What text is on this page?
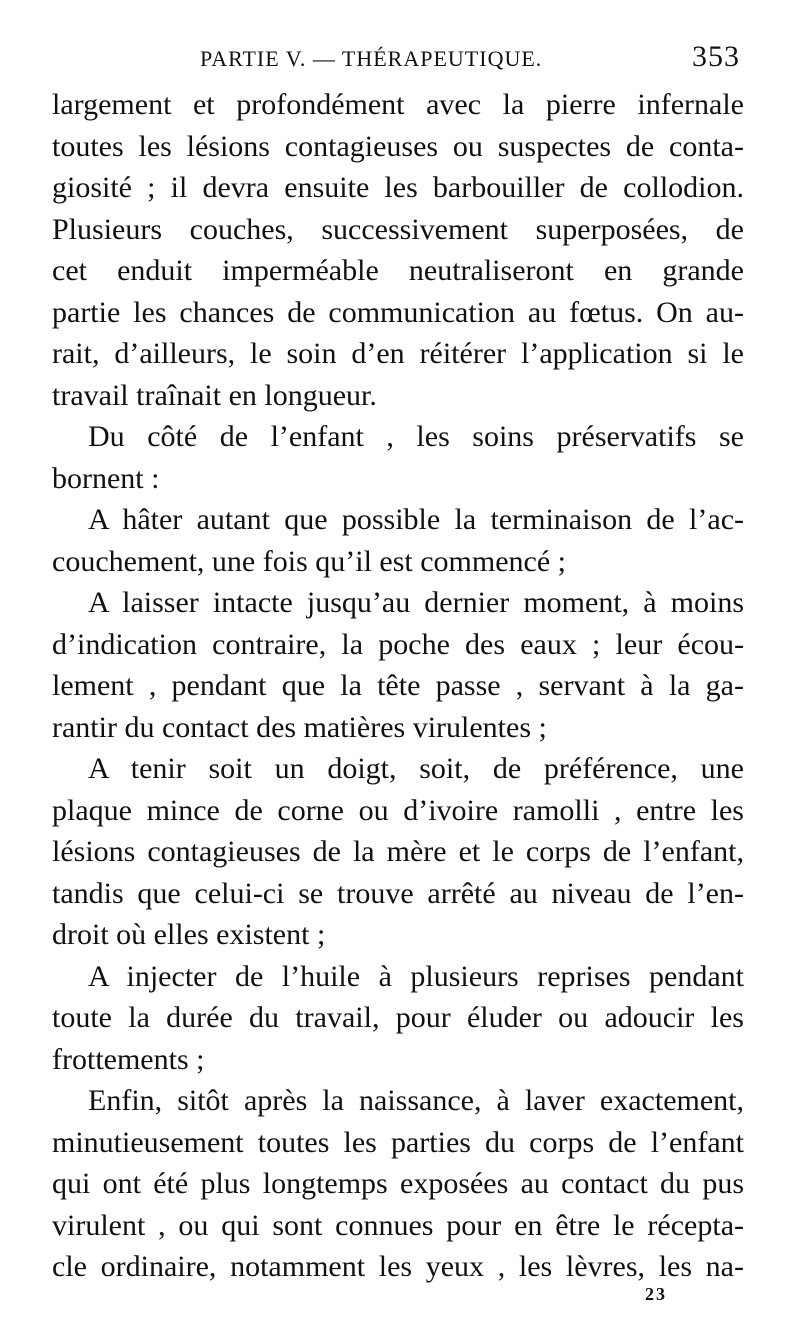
PARTIE V. — THÉRAPEUTIQUE.	353
largement et profondément avec la pierre infernale
toutes les lésions contagieuses ou suspectes de conta-
giosité ; il devra ensuite les barbouiller de collodion.
Plusieurs couches, successivement superposées, de
cet enduit imperméable neutraliseront en grande
partie les chances de communication au fœtus. On au-
rait, d’ailleurs, le soin d’en réitérer l’application si le
travail traînait en longueur.
Du côté de l’enfant , les soins préservatifs se
bornent :
A hâter autant que possible la terminaison de l’ac-
couchement, une fois qu’il est commencé ;
A laisser intacte jusqu’au dernier moment, à moins
d’indication contraire, la poche des eaux ; leur écou-
lement , pendant que la tête passe , servant à la ga-
rantir du contact des matières virulentes ;
A tenir soit un doigt, soit, de préférence, une
plaque mince de corne ou d’ivoire ramolli , entre les
lésions contagieuses de la mère et le corps de l’enfant,
tandis que celui-ci se trouve arrêté au niveau de l’en-
droit où elles existent ;
A injecter de l’huile à plusieurs reprises pendant
toute la durée du travail, pour éluder ou adoucir les
frottements ;
Enfin, sitôt après la naissance, à laver exactement,
minutieusement toutes les parties du corps de l’enfant
qui ont été plus longtemps exposées au contact du pus
virulent , ou qui sont connues pour en être le récepta-
cle ordinaire, notamment les yeux , les lèvres, les na-
23
